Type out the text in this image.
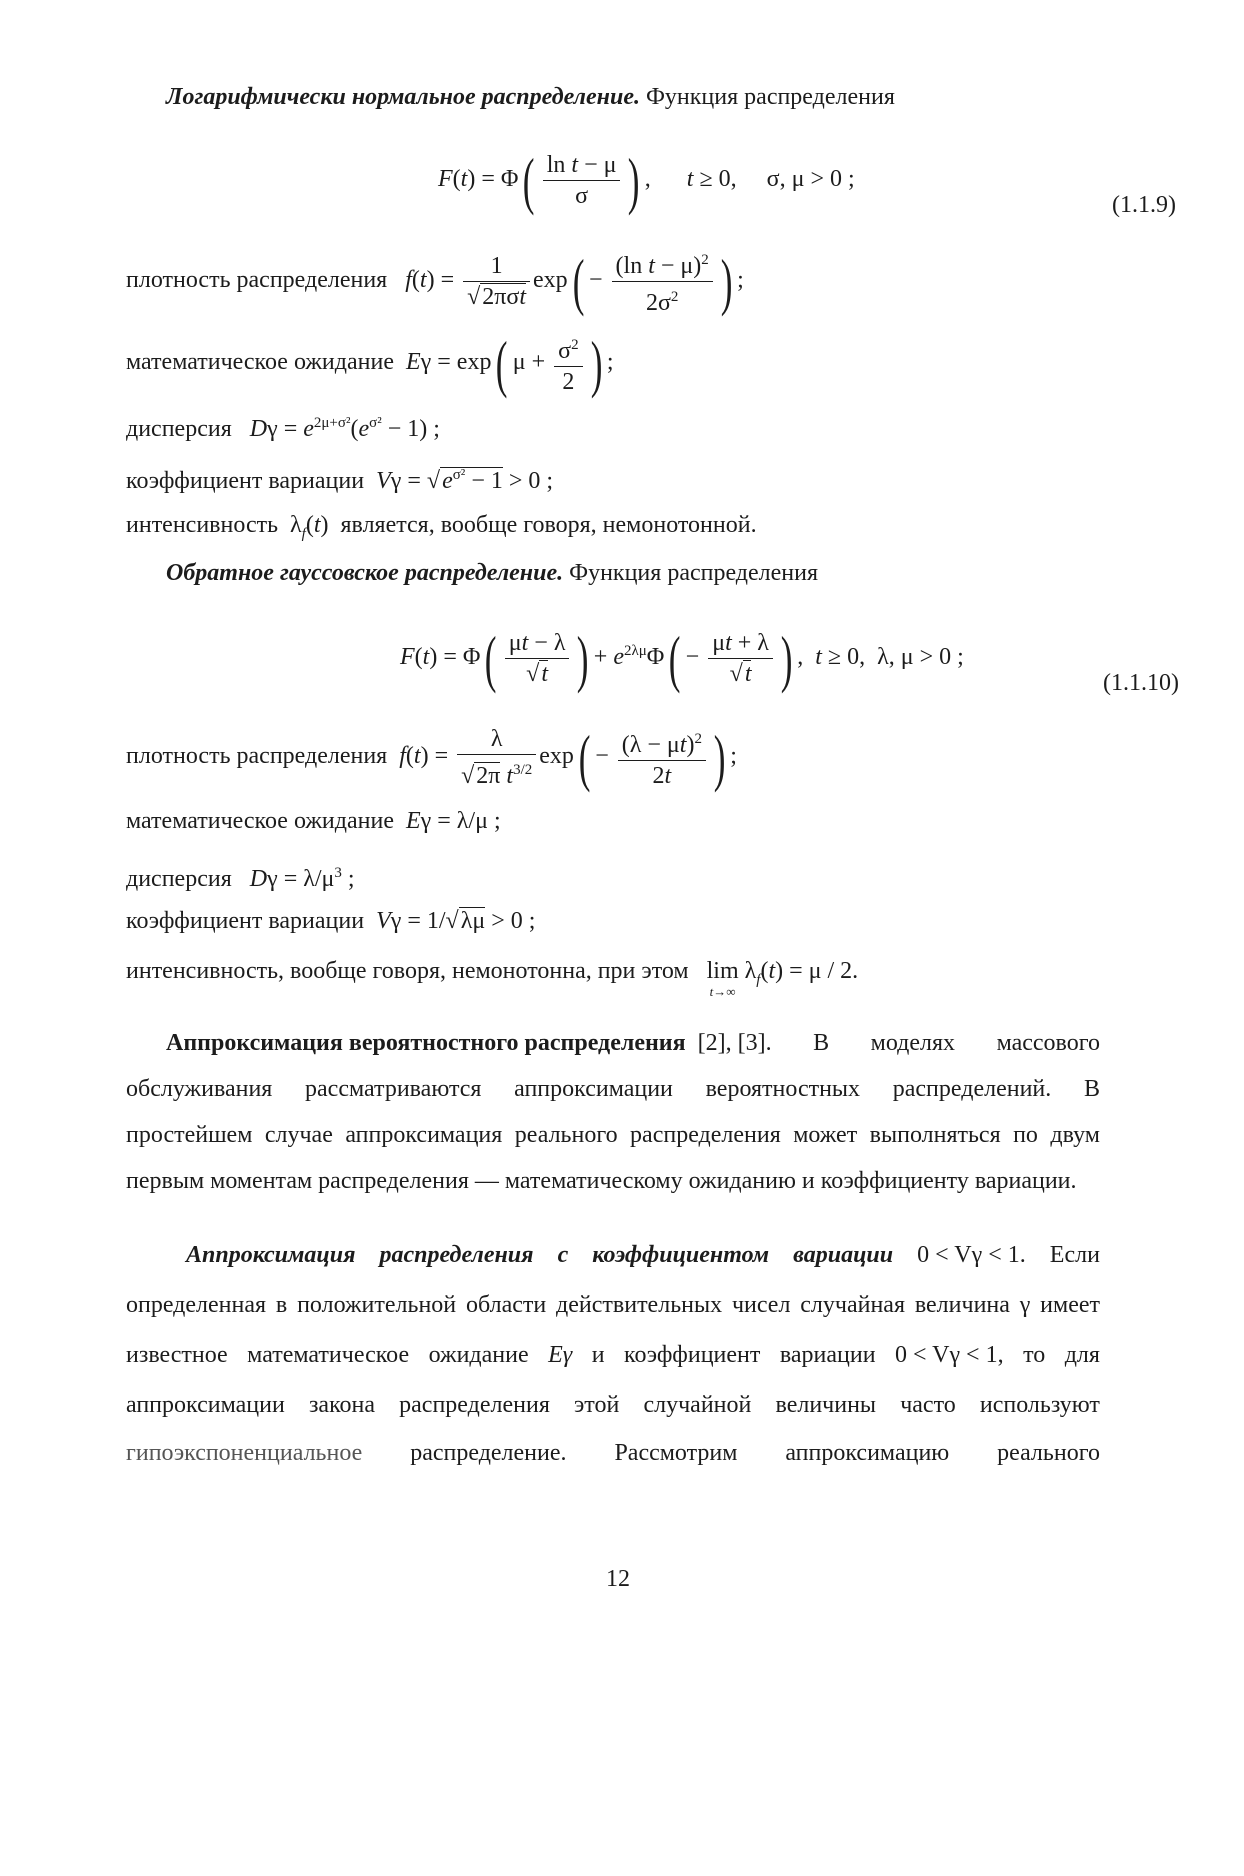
Логарифмически нормальное распределение. Функция распределения
$F(t) = \Phi( \frac{\text{ln t − μ}}{\sigma}$ ) ,      t ≥ 0,     σ, μ > 0 ;
(1.1.9)
плотность распределения $f(t) = \frac{1}{\text{√2πσt}} \exp( - \frac{(\ln t - \mu)^2}{2\sigma^2}$ ) ;
математическое ожидание Eγ = exp( $\mu + \frac{\sigma^2}{2}$ ) ;
дисперсия $D\gamma = e^{2\mu+\sigma^2}(e^{\sigma^2} - 1)$ ;
коэффициент вариации $V\gamma = √e^{\sigma^2} - 1 > 0$ ;
интенсивность  $\lambda_f(t)$  является, вообще говоря, немонотонной.
Обратное гауссовское распределение. Функция распределения
$F(t) = \Phi( \frac{\mu t - \lambda}{√t}$ ) + $e^{2\lambda\mu}\Phi( - \frac{\mu t + \lambda}{√t}$ ) ,  t ≥ 0,  λ, μ > 0 ;
(1.1.10)
плотность распределения $f(t) = \frac{\lambda}{√2\pi t^{3/2}} \exp( - \frac{(\lambda - \mu t)^2}{2t}$ ) ;
математическое ожидание Eγ = λ/μ ;
дисперсия $D\gamma = \lambda/\mu^3$ ;
коэффициент вариации Vγ = 1/√λμ > 0 ;
интенсивность, вообще говоря, немонотонна, при этом lim
t→∞
$\lambda_f(t) = \mu / 2$.
Аппроксимация вероятностного распределения [2], [3]. В моделях массового
обслуживания рассматриваются аппроксимации вероятностных распределений. В
простейшем случае аппроксимация реального распределения может выполняться по двум
первым моментам распределения — математическому ожиданию и коэффициенту вариации.
Аппроксимация распределения с коэффициентом вариации 0 < Vγ < 1. Если
определенная в положительной области действительных чисел случайная величина γ имеет
известное математическое ожидание Eγ и коэффициент вариации 0 < Vγ < 1, то для
аппроксимации закона распределения этой случайной величины часто используют
гипоэкспоненциальное распределение. Рассмотрим аппроксимацию реального
12
